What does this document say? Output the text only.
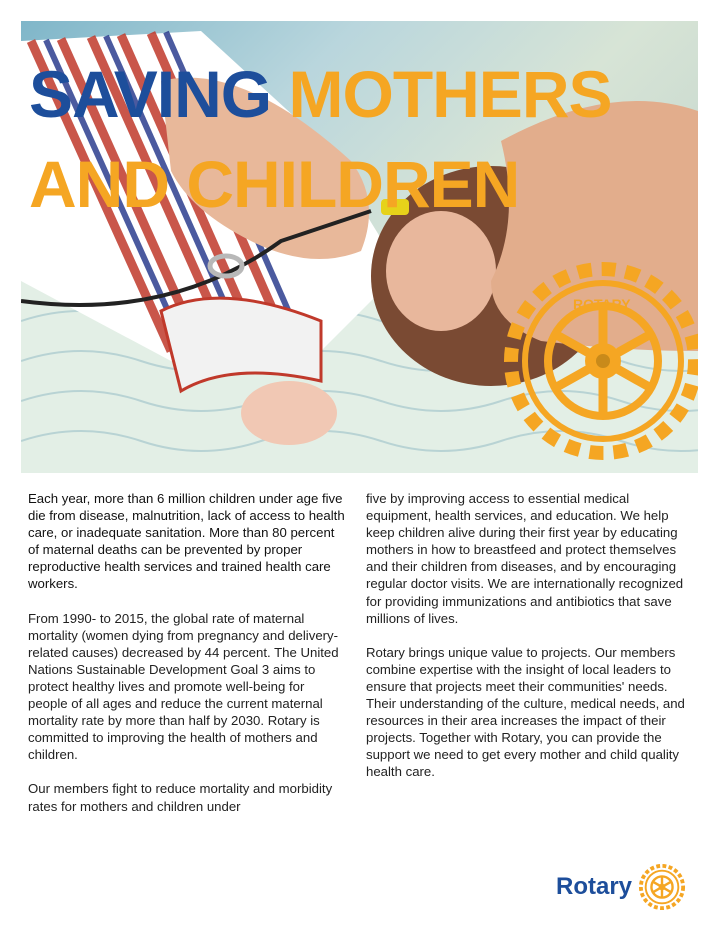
ROTARY
SAVING MOTHERS
AND CHILDREN

Each year, more than 6 million children under age five die from disease, malnutrition, lack of access to health care, or inadequate sanitation. More than 80 percent of maternal deaths can be prevented by proper reproductive health services and trained health care workers.

From 1990- to 2015, the global rate of maternal mortality (women dying from pregnancy and delivery-related causes) decreased by 44 percent. The United Nations Sustainable Development Goal 3 aims to protect healthy lives and promote well-being for people of all ages and reduce the current maternal mortality rate by more than half by 2030. Rotary is committed to improving the health of mothers and children.

Our members fight to reduce mortality and morbidity rates for mothers and children under

five by improving access to essential medical equipment, health services, and education. We help keep children alive during their first year by educating mothers in how to breastfeed and protect themselves and their children from diseases, and by encouraging regular doctor visits. We are internationally recognized for providing immunizations and antibiotics that save millions of lives.

Rotary brings unique value to projects. Our members combine expertise with the insight of local leaders to ensure that projects meet their communities' needs. Their understanding of the culture, medical needs, and resources in their area increases the impact of their projects. Together with Rotary, you can provide the support we need to get every mother and child quality health care.

Rotary
